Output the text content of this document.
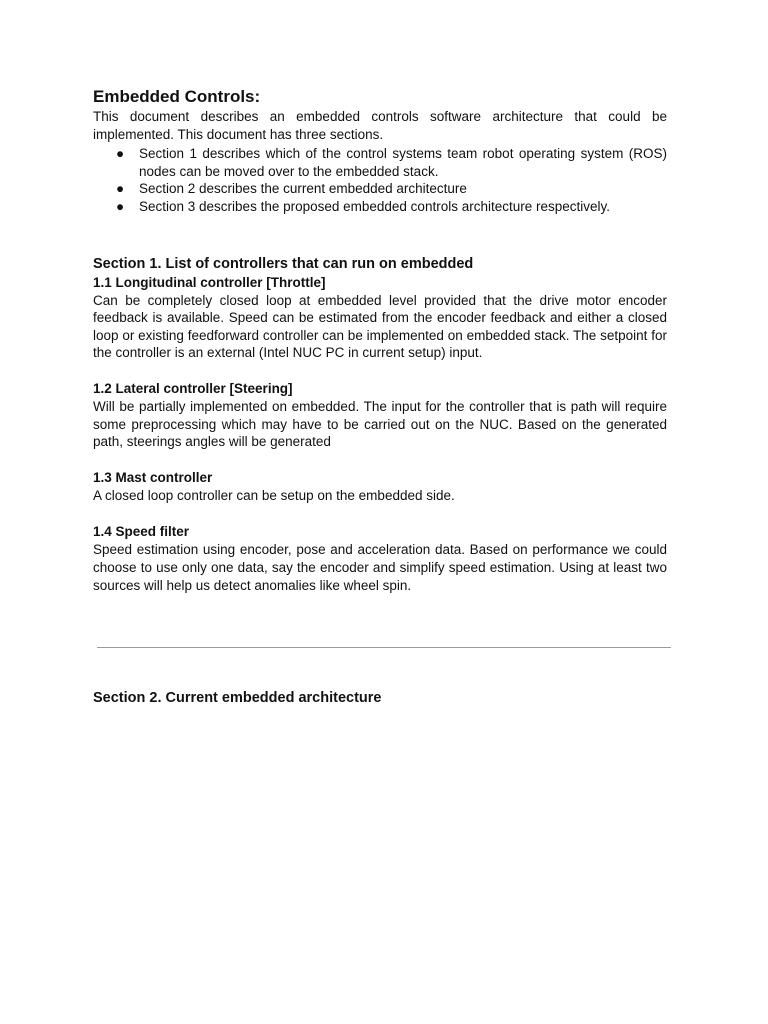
Embedded Controls:

This document describes an embedded controls software architecture that could be implemented. This document has three sections.

● Section 1 describes which of the control systems team robot operating system (ROS) nodes can be moved over to the embedded stack.
● Section 2 describes the current embedded architecture
● Section 3 describes the proposed embedded controls architecture respectively.
Section 1. List of controllers that can run on embedded
1.1 Longitudinal controller [Throttle]

Can be completely closed loop at embedded level provided that the drive motor encoder feedback is available. Speed can be estimated from the encoder feedback and either a closed loop or existing feedforward controller can be implemented on embedded stack. The setpoint for the controller is an external (Intel NUC PC in current setup) input.

1.2 Lateral controller [Steering]

Will be partially implemented on embedded. The input for the controller that is path will require some preprocessing which may have to be carried out on the NUC. Based on the generated path, steerings angles will be generated

1.3 Mast controller

A closed loop controller can be setup on the embedded side.

1.4 Speed filter

Speed estimation using encoder, pose and acceleration data. Based on performance we could choose to use only one data, say the encoder and simplify speed estimation. Using at least two sources will help us detect anomalies like wheel spin.

Section 2. Current embedded architecture
